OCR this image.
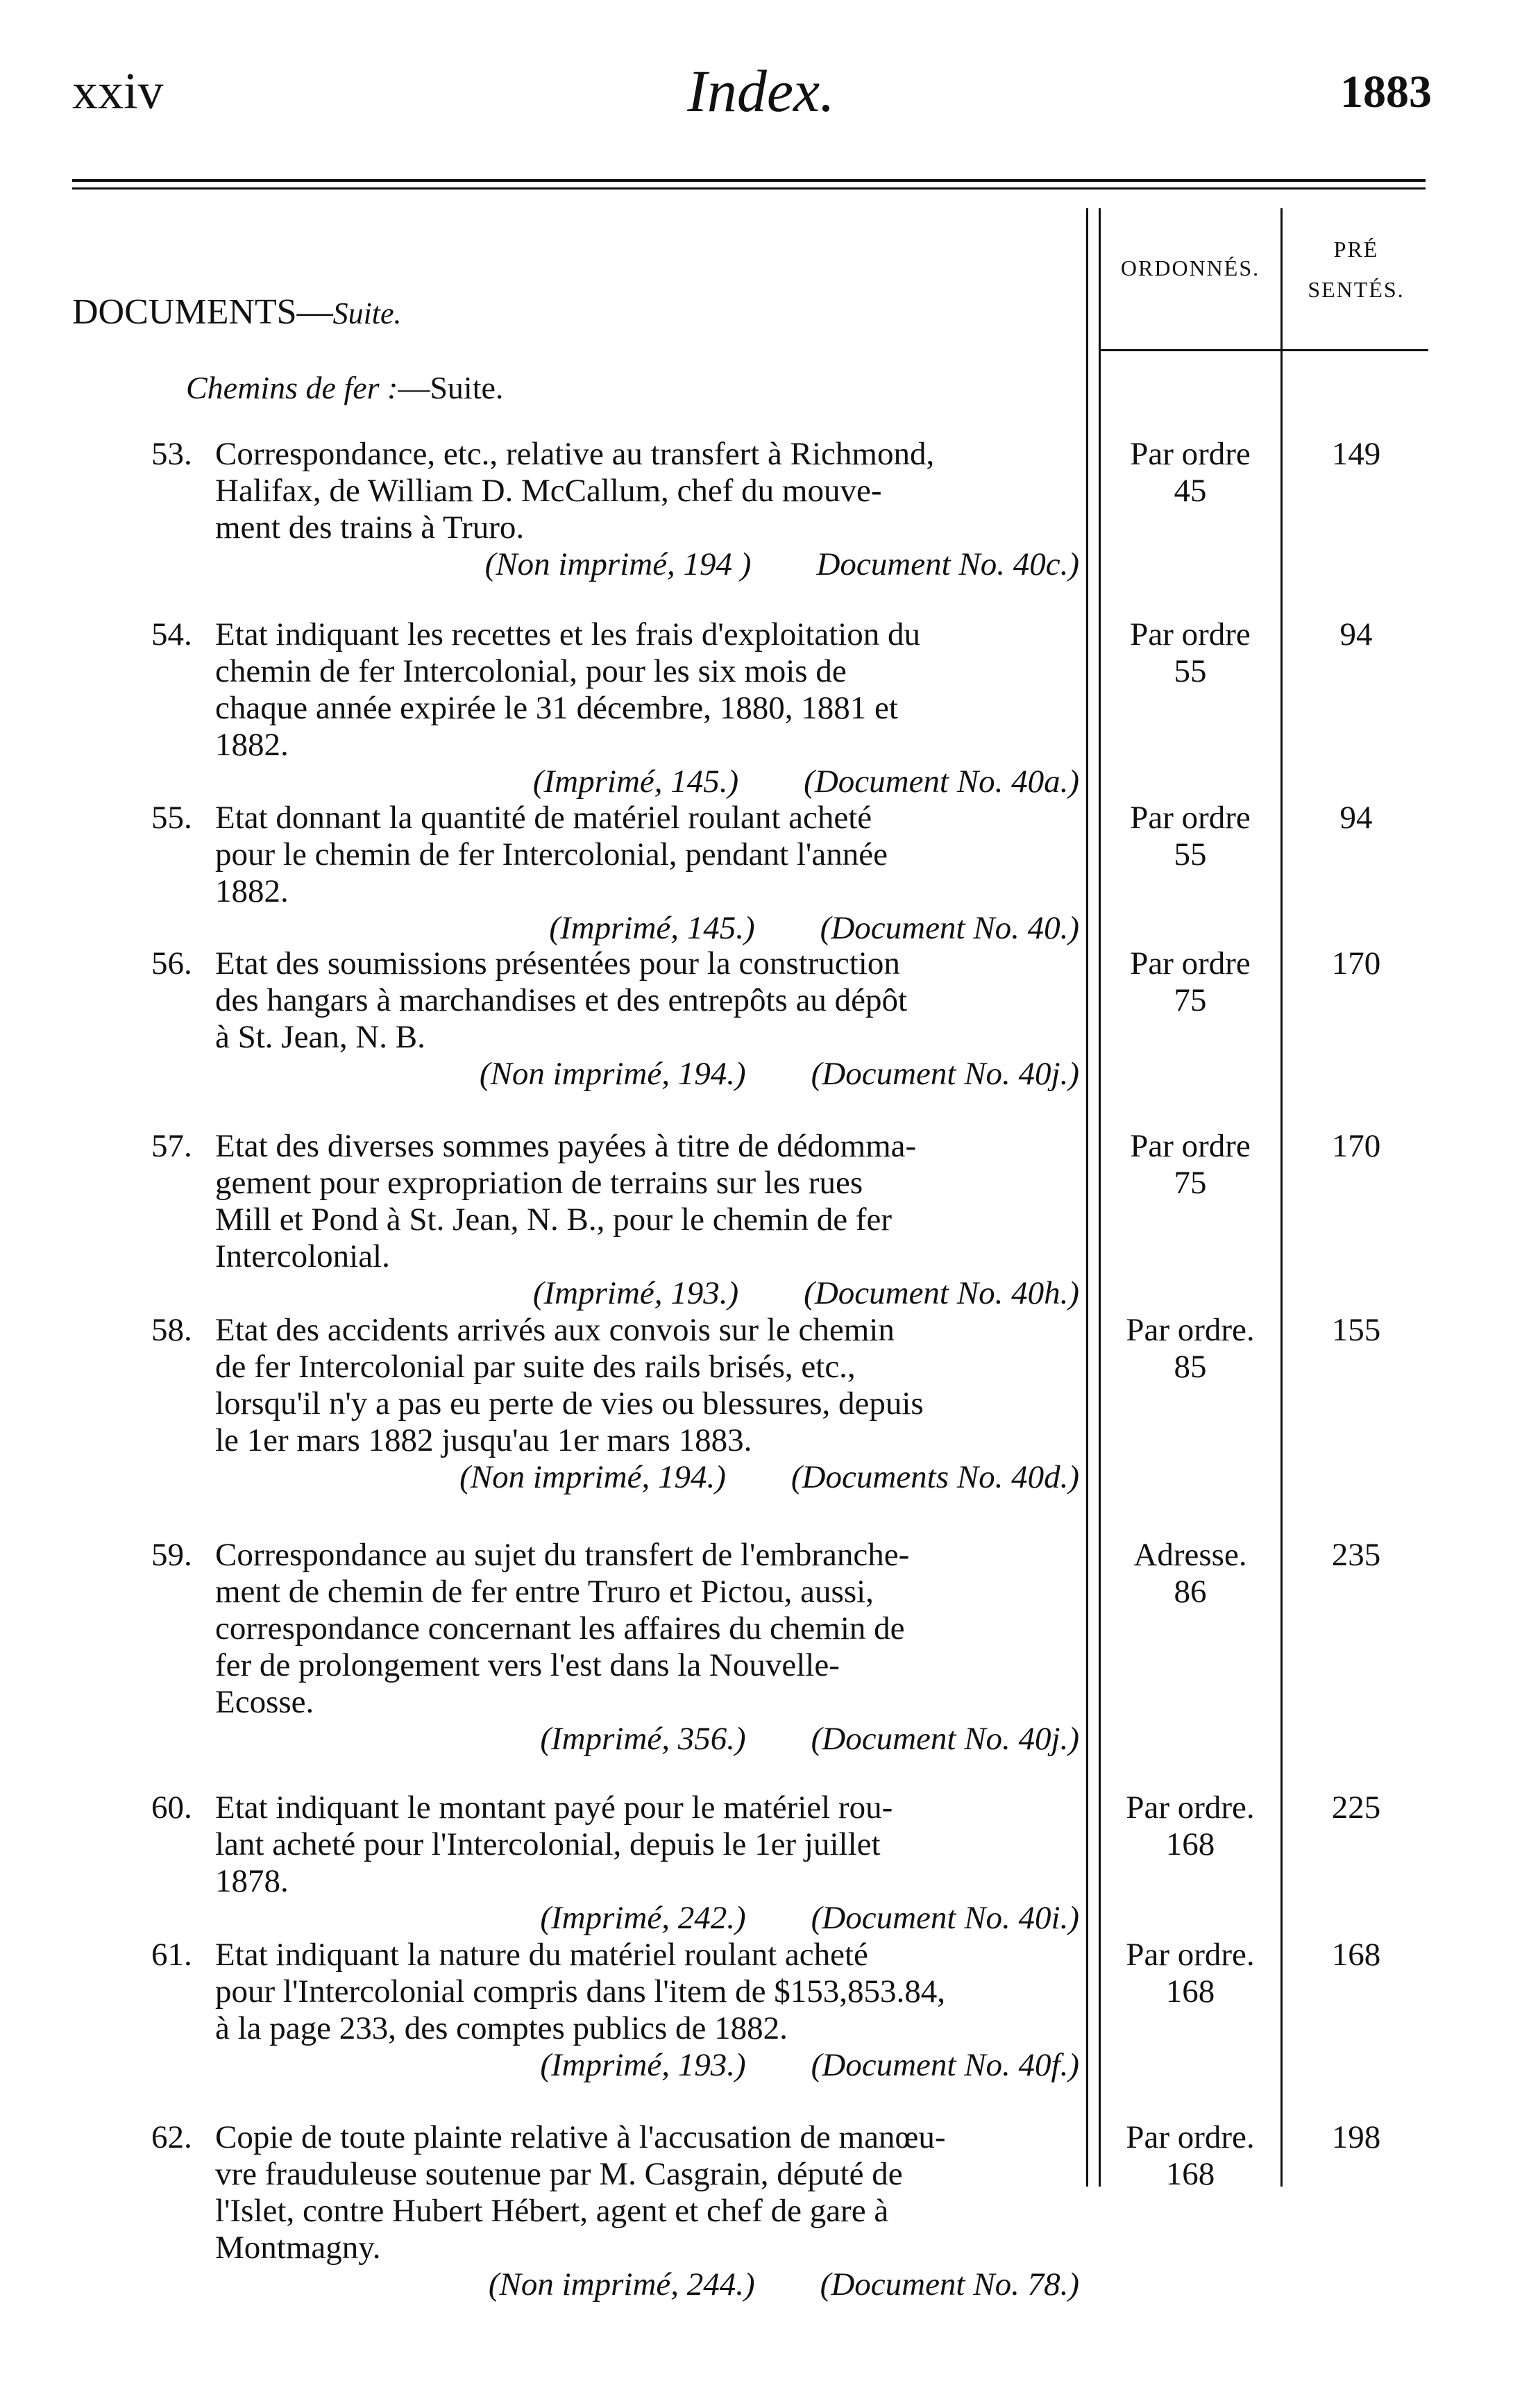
xxiv	Index.	1883
ORDONNÉS.
PRÉ
SENTÉS.
DOCUMENTS—Suite.
Chemins de fer :—Suite.
53. Correspondance, etc., relative au transfert à Richmond,
Halifax, de William D. McCallum, chef du mouve-
ment des trains à Truro.
(Non imprimé, 194 )   Document No. 40c.)
Par ordre
45
149
54. Etat indiquant les recettes et les frais d'exploitation du
chemin de fer Intercolonial, pour les six mois de
chaque année expirée le 31 décembre, 1880, 1881 et
1882.
(Imprimé, 145.)   (Document No. 40a.)
Par ordre
55
94
55. Etat donnant la quantité de matériel roulant acheté
pour le chemin de fer Intercolonial, pendant l'année
1882.
(Imprimé, 145.)   (Document No. 40.)
Par ordre
55
94
56. Etat des soumissions présentées pour la construction
des hangars à marchandises et des entrepôts au dépôt
à St. Jean, N. B.
(Non imprimé, 194.)   (Document No. 40j.)
Par ordre
75
170
57. Etat des diverses sommes payées à titre de dédomma-
gement pour expropriation de terrains sur les rues
Mill et Pond à St. Jean, N. B., pour le chemin de fer
Intercolonial.
(Imprimé, 193.)   (Document No. 40h.)
Par ordre
75
170
58. Etat des accidents arrivés aux convois sur le chemin
de fer Intercolonial par suite des rails brisés, etc.,
lorsqu'il n'y a pas eu perte de vies ou blessures, depuis
le 1er mars 1882 jusqu'au 1er mars 1883.
(Non imprimé, 194.)   (Documents No. 40d.)
Par ordre.
85
155
59. Correspondance au sujet du transfert de l'embranche-
ment de chemin de fer entre Truro et Pictou, aussi,
correspondance concernant les affaires du chemin de
fer de prolongement vers l'est dans la Nouvelle-
Ecosse.
(Imprimé, 356.)   (Document No. 40j.)
Adresse.
86
235
60. Etat indiquant le montant payé pour le matériel rou-
lant acheté pour l'Intercolonial, depuis le 1er juillet
1878.
(Imprimé, 242.)   (Document No. 40i.)
Par ordre.
168
225
61. Etat indiquant la nature du matériel roulant acheté
pour l'Intercolonial compris dans l'item de $153,853.84,
à la page 233, des comptes publics de 1882.
(Imprimé, 193.)   (Document No. 40f.)
Par ordre.
168
168
62. Copie de toute plainte relative à l'accusation de manœu-
vre frauduleuse soutenue par M. Casgrain, député de
l'Islet, contre Hubert Hébert, agent et chef de gare à
Montmagny.
(Non imprimé, 244.)   (Document No. 78.)
Par ordre.
168
198
